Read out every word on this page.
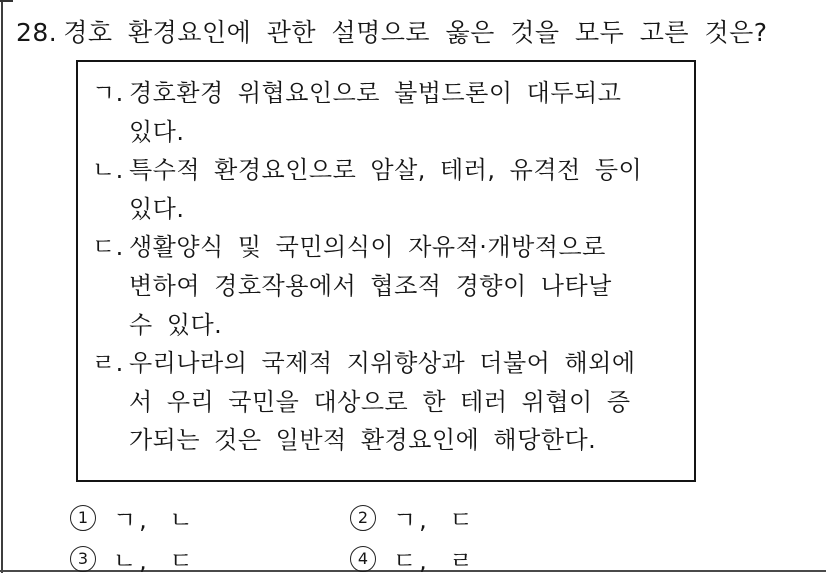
28. 경호 환경요인에 관한 설명으로 옳은 것을 모두 고른 것은?
ㄱ. 경호환경 위협요인으로 불법드론이 대두되고
있다.
ㄴ. 특수적 환경요인으로 암살, 테러, 유격전 등이
있다.
ㄷ. 생활양식 및 국민의식이 자유적·개방적으로
변하여 경호작용에서 협조적 경향이 나타날
수 있다.
ㄹ. 우리나라의 국제적 지위향상과 더불어 해외에
서 우리 국민을 대상으로 한 테러 위협이 증
가되는 것은 일반적 환경요인에 해당한다.
1	ㄱ, ㄴ	2	ㄱ, ㄷ
3	ㄴ, ㄷ	4	ㄷ, ㄹ
